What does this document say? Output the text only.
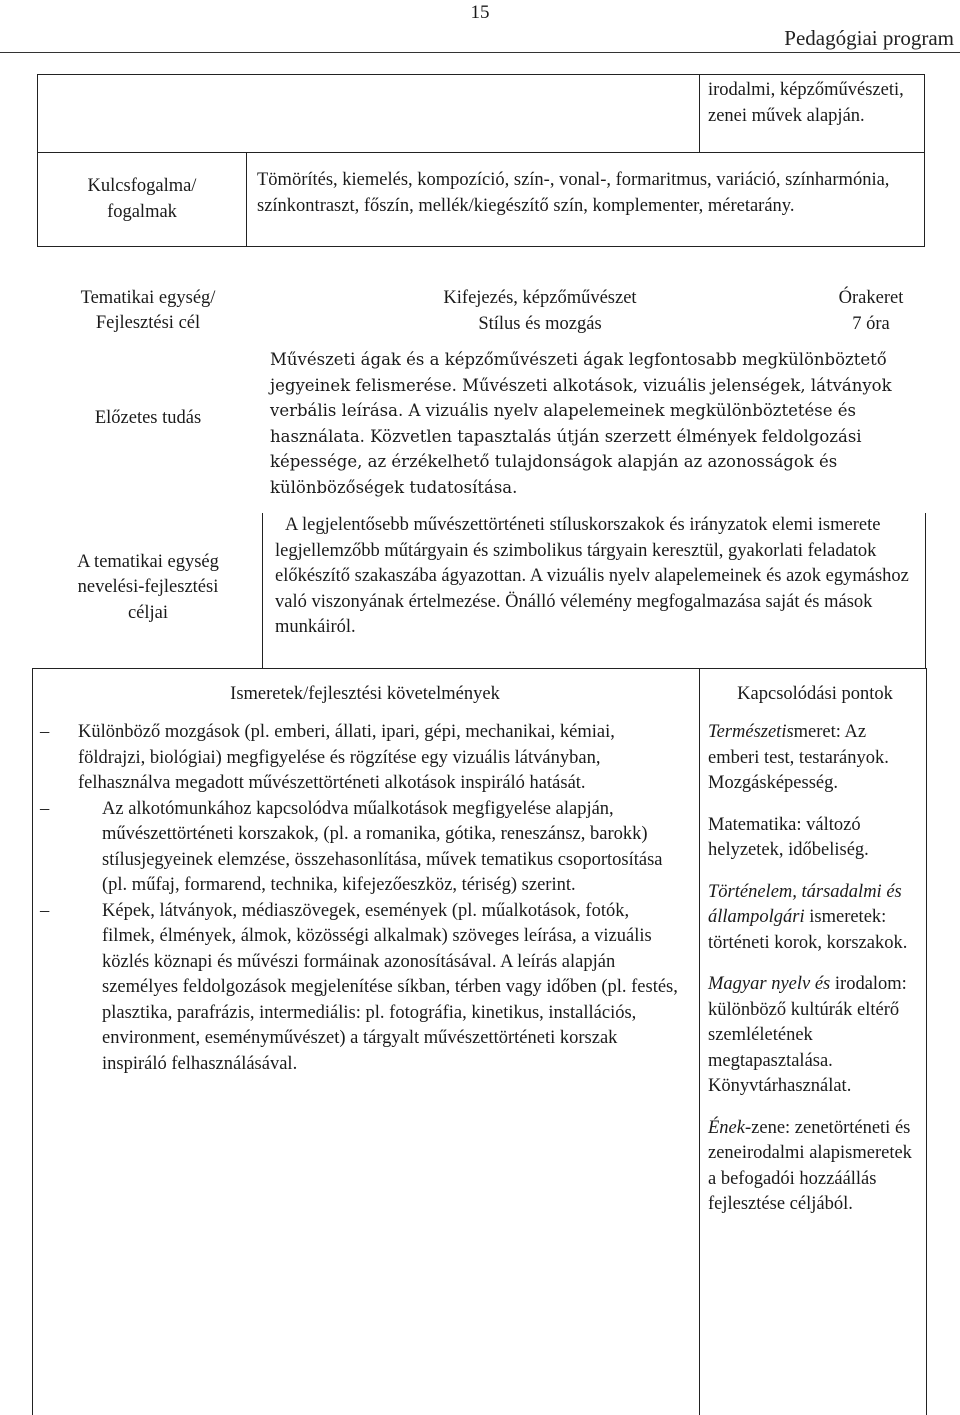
15
Pedagógiai program
irodalmi, képzőművészeti, zenei művek alapján.
Kulcsfogalma/ fogalmak
Tömörítés, kiemelés, kompozíció, szín-, vonal-, formaritmus, variáció, színharmónia, színkontraszt, főszín, mellék/kiegészítő szín, komplementer, méretarány.
Tematikai egység/ Fejlesztési cél
Kifejezés, képzőművészet
Stílus és mozgás
Órakeret
7 óra
Előzetes tudás
Művészeti ágak és a képzőművészeti ágak legfontosabb megkülönböztető jegyeinek felismerése. Művészeti alkotások, vizuális jelenségek, látványok verbális leírása. A vizuális nyelv alapelemeinek megkülönböztetése és használata. Közvetlen tapasztalás útján szerzett élmények feldolgozási képessége, az érzékelhető tulajdonságok alapján az azonosságok és különbözőségek tudatosítása.
A tematikai egység nevelési-fejlesztési céljai
A legjelentősebb művészettörténeti stíluskorszakok és irányzatok elemi ismerete legjellemzőbb műtárgyain és szimbolikus tárgyain keresztül, gyakorlati feladatok előkészítő szakaszába ágyazottan. A vizuális nyelv alapelemeinek és azok egymáshoz való viszonyának értelmezése. Önálló vélemény megfogalmazása saját és mások munkáiról.
Ismeretek/fejlesztési követelmények	Kapcsolódási pontok
– Különböző mozgások (pl. emberi, állati, ipari, gépi, mechanikai, kémiai, földrajzi, biológiai) megfigyelése és rögzítése egy vizuális látványban, felhasználva megadott művészettörténeti alkotások inspiráló hatását.
– Az alkotómunkához kapcsolódva műalkotások megfigyelése alapján, művészettörténeti korszakok, (pl. a romanika, gótika, reneszánsz, barokk) stílusjegyeinek elemzése, összehasonlítása, művek tematikus csoportosítása (pl. műfaj, formarend, technika, kifejezőeszköz, tériség) szerint.
– Képek, látványok, médiaszövegek, események (pl. műalkotások, fotók, filmek, élmények, álmok, közösségi alkalmak) szöveges leírása, a vizuális közlés köznapi és művészi formáinak azonosításával. A leírás alapján személyes feldolgozások megjelenítése síkban, térben vagy időben (pl. festés, plasztika, parafrázis, intermediális: pl. fotográfia, kinetikus, installációs, environment, eseményművészet) a tárgyalt művészettörténeti korszak inspiráló felhasználásával.

Természetismeret: Az emberi test, testarányok. Mozgásképesség.

Matematika: változó helyzetek, időbeliség.

Történelem, társadalmi és állampolgári ismeretek: történeti korok, korszakok.

Magyar nyelv és irodalom: különböző kultúrák eltérő szemléletének megtapasztalása. Könyvtárhasználat.

Ének-zene: zenetörténeti és zeneirodalmi alapismeretek a befogadói hozzáállás fejlesztése céljából.
